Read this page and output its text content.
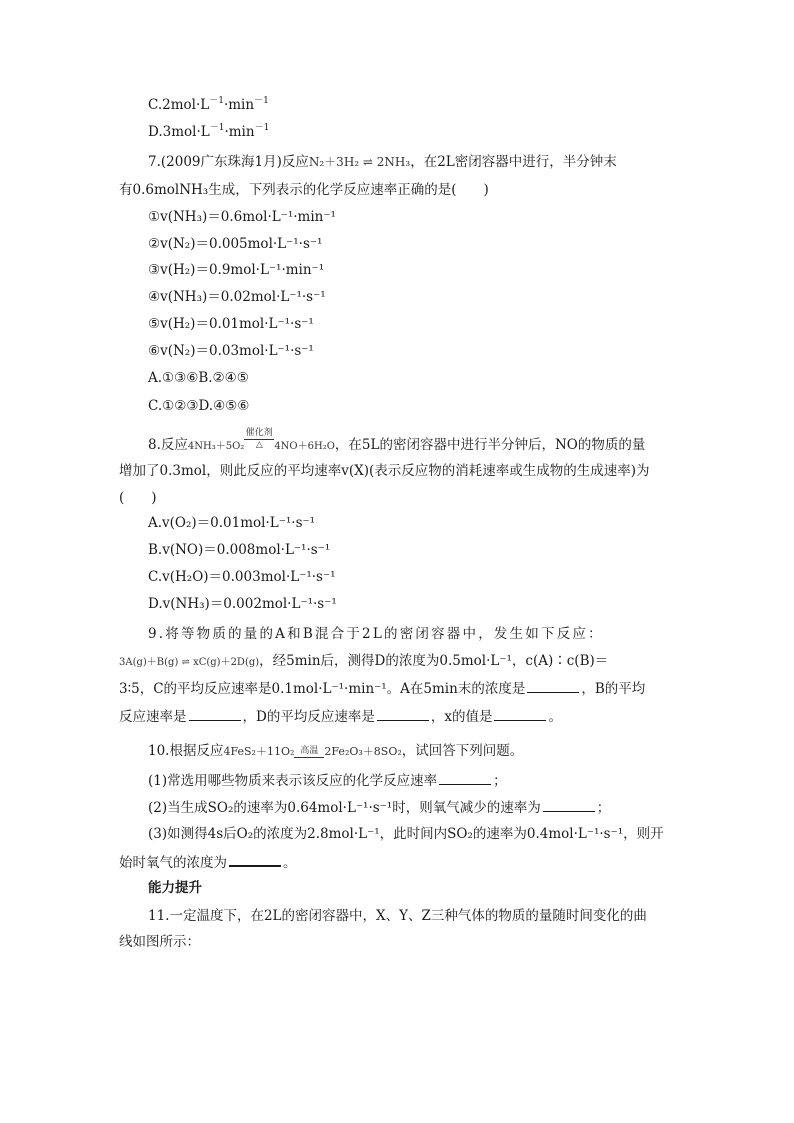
$C.2mol\cdot L^{-1}\cdot\min^{-1}$
$D.3mol\cdot L^{-1}\cdot\min^{-1}$
7.(2009广东珠海1月)反应N₂＋3H₂ ⇌ 2NH₃，在2L密闭容器中进行，半分钟末
有0.6molNH₃生成，下列表示的化学反应速率正确的是(　　)
①v(NH₃)＝0.6mol·L⁻¹·min⁻¹
②v(N₂)＝0.005mol·L⁻¹·s⁻¹
③v(H₂)＝0.9mol·L⁻¹·min⁻¹
④v(NH₃)＝0.02mol·L⁻¹·s⁻¹
⑤v(H₂)＝0.01mol·L⁻¹·s⁻¹
⑥v(N₂)＝0.03mol·L⁻¹·s⁻¹
A.①③⑥B.②④⑤
C.①②③D.④⑤⑥
8.反应4NH₃＋5O₂
催化剂
△	4NO＋6H₂O，在5L的密闭容器中进行半分钟后，NO的物质的量
增加了0.3mol，则此反应的平均速率v(X)(表示反应物的消耗速率或生成物的生成速率)为
(　　)
A.v(O₂)＝0.01mol·L⁻¹·s⁻¹
B.v(NO)＝0.008mol·L⁻¹·s⁻¹
C.v(H₂O)＝0.003mol·L⁻¹·s⁻¹
D.v(NH₃)＝0.002mol·L⁻¹·s⁻¹
9.将等物质的量的A和B混合于2L的密闭容器中，发生如下反应：
3A(g)＋B(g) ⇌ xC(g)＋2D(g)，经5min后，测得D的浓度为0.5mol·L⁻¹，c(A)∶c(B)＝
3∶5，C的平均反应速率是0.1mol·L⁻¹·min⁻¹。A在5min末的浓度是	，B的平均
反应速率是	，D的平均反应速率是	，x的值是	。
10.根据反应4FeS₂＋11O₂ 高温 2Fe₂O₃＋8SO₂，试回答下列问题。
(1)常选用哪些物质来表示该反应的化学反应速率	；
(2)当生成SO₂的速率为0.64mol·L⁻¹·s⁻¹时，则氧气减少的速率为	；
(3)如测得4s后O₂的浓度为2.8mol·L⁻¹，此时间内SO₂的速率为0.4mol·L⁻¹·s⁻¹，则开
始时氧气的浓度为	。
能力提升
11.一定温度下，在2L的密闭容器中，X、Y、Z三种气体的物质的量随时间变化的曲
线如图所示：
